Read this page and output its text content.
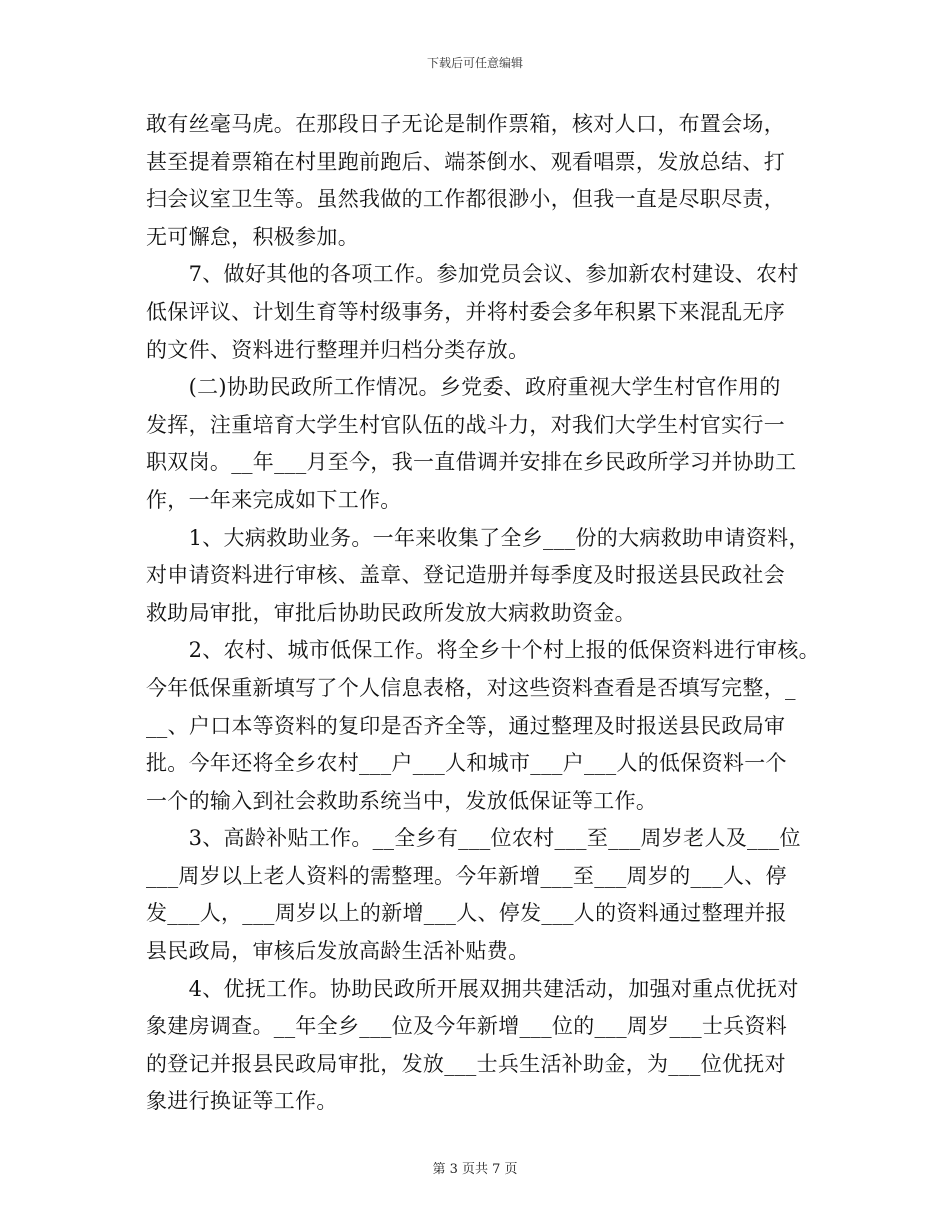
下载后可任意编辑

敢有丝毫马虎。在那段日子无论是制作票箱，核对人口，布置会场，
甚至提着票箱在村里跑前跑后、端茶倒水、观看唱票，发放总结、打
扫会议室卫生等。虽然我做的工作都很渺小，但我一直是尽职尽责，
无可懈怠，积极参加。

　　7、做好其他的各项工作。参加党员会议、参加新农村建设、农村
低保评议、计划生育等村级事务，并将村委会多年积累下来混乱无序
的文件、资料进行整理并归档分类存放。

　　(二)协助民政所工作情况。乡党委、政府重视大学生村官作用的
发挥，注重培育大学生村官队伍的战斗力，对我们大学生村官实行一
职双岗。__年___月至今，我一直借调并安排在乡民政所学习并协助工
作，一年来完成如下工作。

　　1、大病救助业务。一年来收集了全乡___份的大病救助申请资料，
对申请资料进行审核、盖章、登记造册并每季度及时报送县民政社会
救助局审批，审批后协助民政所发放大病救助资金。

　　2、农村、城市低保工作。将全乡十个村上报的低保资料进行审核。
今年低保重新填写了个人信息表格，对这些资料查看是否填写完整，_
__、户口本等资料的复印是否齐全等，通过整理及时报送县民政局审
批。今年还将全乡农村___户___人和城市___户___人的低保资料一个
一个的输入到社会救助系统当中，发放低保证等工作。

　　3、高龄补贴工作。__全乡有___位农村___至___周岁老人及___位
___周岁以上老人资料的需整理。今年新增___至___周岁的___人、停
发___人，___周岁以上的新增___人、停发___人的资料通过整理并报
县民政局，审核后发放高龄生活补贴费。

　　4、优抚工作。协助民政所开展双拥共建活动，加强对重点优抚对
象建房调查。__年全乡___位及今年新增___位的___周岁___士兵资料
的登记并报县民政局审批，发放___士兵生活补助金，为___位优抚对
象进行换证等工作。

第 3 页共 7 页
